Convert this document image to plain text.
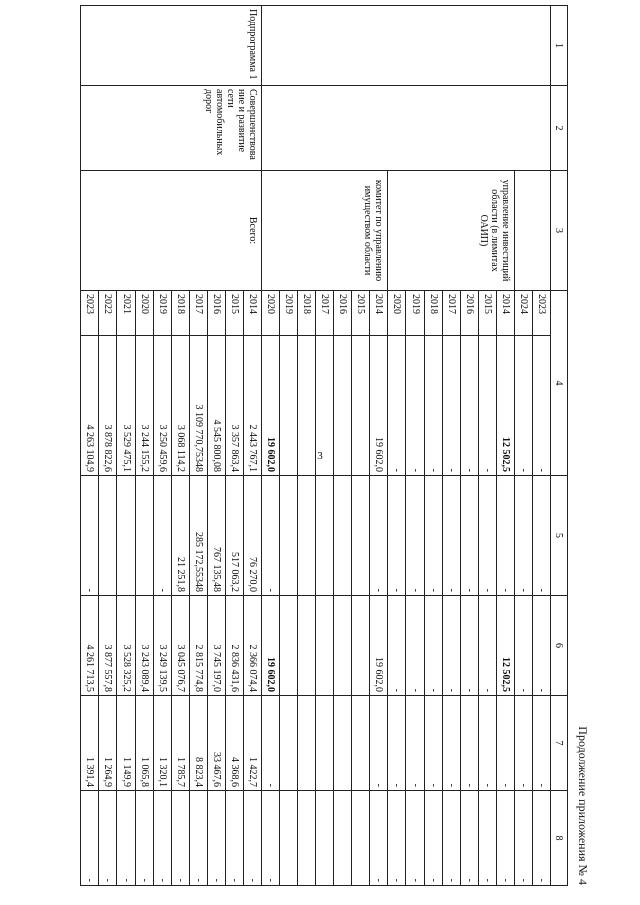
3
Продолжение приложения № 4
1	2	3	4		5	6	7	8
			2023	-	-	-	-	-
			2024	-	-	-	-	-
		управление инвестиций области (в лимитах ОАИП)	2014	12 502,5	-	12 502,5	-	-
			2015	-	-	-	-	-
			2016	-	-	-	-	-
			2017	-	-	-	-	-
			2018	-	-	-	-	-
			2019	-	-	-	-	-
			2020	-	-	-	-	-
		комитет по управлению имуществом области	2014	19 602,0	-	19 602,0	-	-
			2015					
			2016					
			2017					
			2018					
			2019					
			2020	19 602,0	-	19 602,0	-	-
Подпрограмма 1	Совершенствова ние и развитие сети автомобильных дорог	Всего:	2014	2 443 767,1	76 270,0	2 366 074,4	1 422,7	-
			2015	3 357 863,4	517 063,2	2 836 431,6	4 368,6	-
			2016	4 545 800,08	767 135,48	3 745 197,0	33 467,6	-
			2017	3 109 770,75348	285 172,55348	2 815 774,8	8 823,4	-
			2018	3 068 114,2	21 251,8	3 045 076,7	1 785,7	-
			2019	3 250 459,6	-	3 249 139,5	1 320,1	-
			2020	3 244 155,2		3 243 089,4	1 065,8	-
			2021	3 529 475,1		3 528 325,2	1 149,9	-
			2022	3 878 822,6		3 877 557,8	1 264,9	-
			2023	4 263 104,9	-	4 261 713,5	1 391,4	-
